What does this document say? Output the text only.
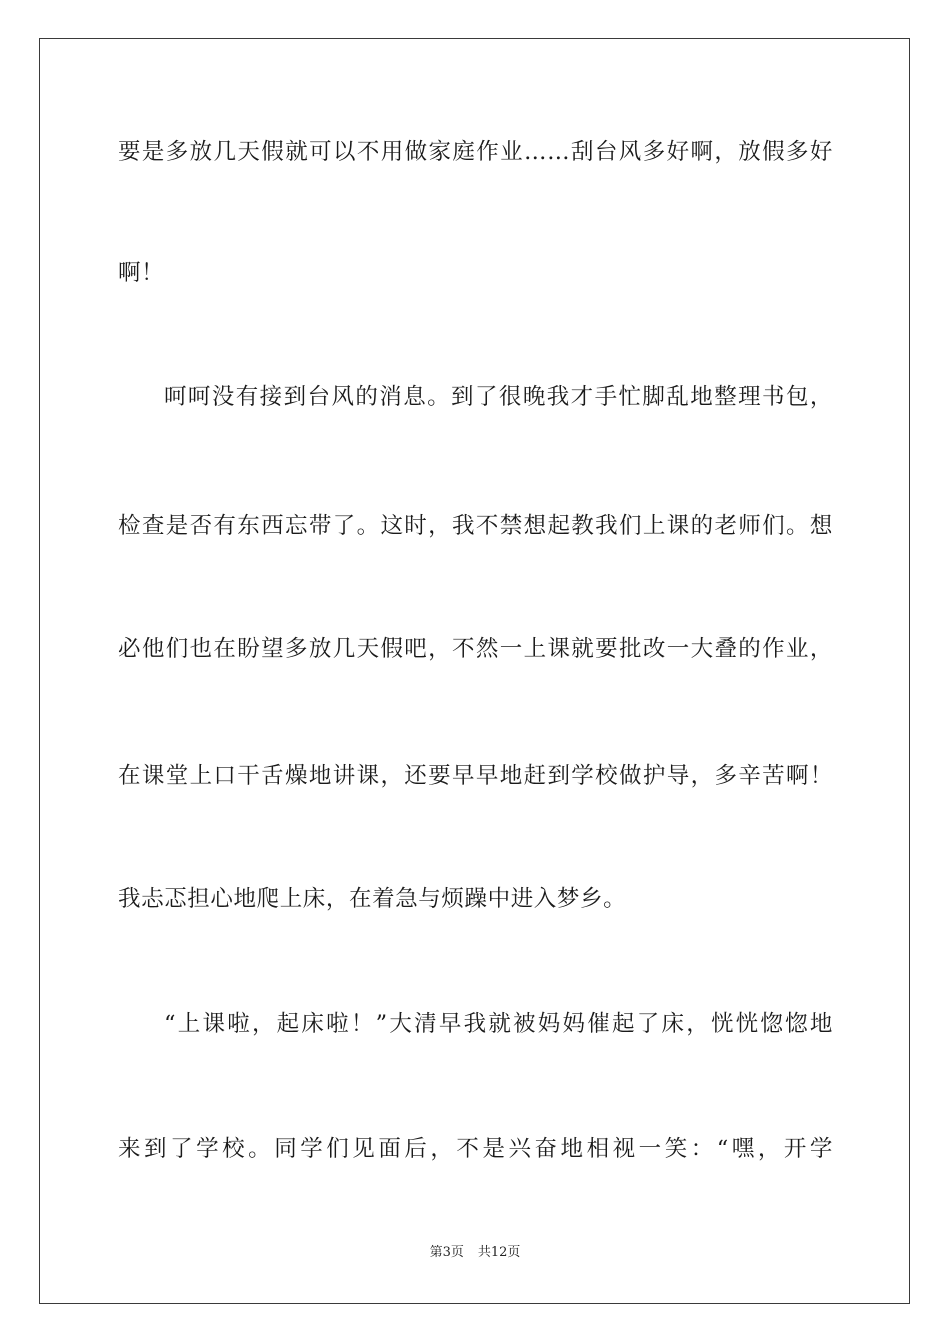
要是多放几天假就可以不用做家庭作业……刮台风多好啊，放假多好
啊！
呵呵没有接到台风的消息。到了很晚我才手忙脚乱地整理书包，
检查是否有东西忘带了。这时，我不禁想起教我们上课的老师们。想
必他们也在盼望多放几天假吧，不然一上课就要批改一大叠的作业，
在课堂上口干舌燥地讲课，还要早早地赶到学校做护导，多辛苦啊！
我忐忑担心地爬上床，在着急与烦躁中进入梦乡。
“上课啦，起床啦！”大清早我就被妈妈催起了床，恍恍惚惚地
来到了学校。同学们见面后，不是兴奋地相视一笑：“嘿，开学
第3页 共12页
